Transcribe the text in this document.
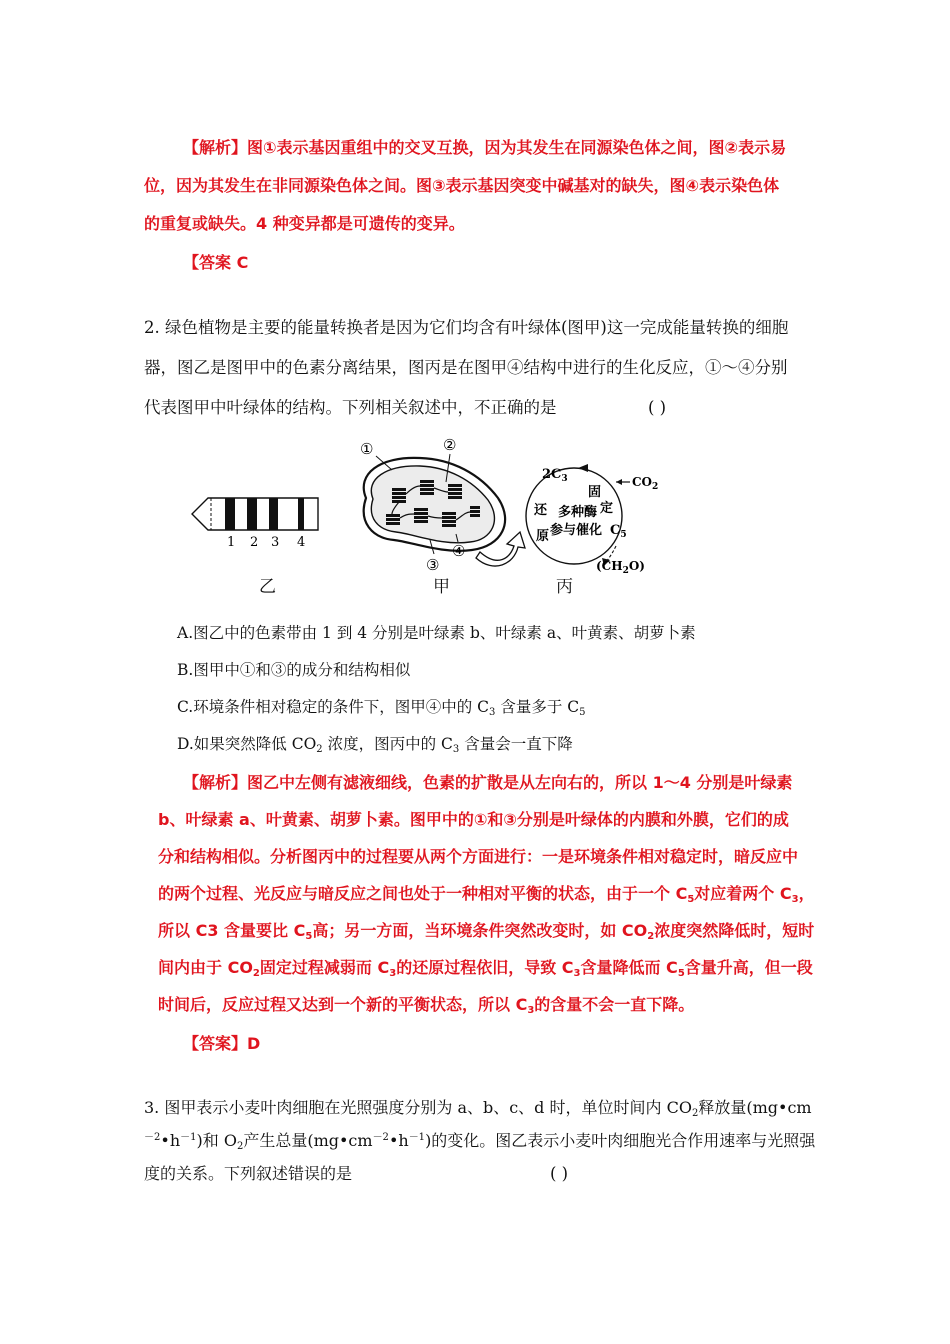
【解析】图①表示基因重组中的交叉互换，因为其发生在同源染色体之间，图②表示易
位，因为其发生在非同源染色体之间。图③表示基因突变中碱基对的缺失，图④表示染色体
的重复或缺失。4 种变异都是可遗传的变异。
【答案 C
2. 绿色植物是主要的能量转换者是因为它们均含有叶绿体(图甲)这一完成能量转换的细胞
器，图乙是图甲中的色素分离结果，图丙是在图甲④结构中进行的生化反应，①～④分别
代表图甲中叶绿体的结构。下列相关叙述中，不正确的是	( )
1 2 3 4
①	②
③
④
$2C_3$	$CO_2$
固
定
还
原
多种酶
参与催化 $C_5$
$(CH_2O)$
乙	甲	丙
A.图乙中的色素带由 1 到 4 分别是叶绿素 b、叶绿素 a、叶黄素、胡萝卜素
B.图甲中①和③的成分和结构相似
C.环境条件相对稳定的条件下，图甲④中的 $C_3$ 含量多于 $C_5$
D.如果突然降低 $CO_2$ 浓度，图丙中的 $C_3$ 含量会一直下降
【解析】图乙中左侧有滤液细线，色素的扩散是从左向右的，所以 1～4 分别是叶绿素
b、叶绿素 a、叶黄素、胡萝卜素。图甲中的①和③分别是叶绿体的内膜和外膜，它们的成
分和结构相似。分析图丙中的过程要从两个方面进行：一是环境条件相对稳定时，暗反应中
的两个过程、光反应与暗反应之间也处于一种相对平衡的状态，由于一个 $C_5$对应着两个 $C_3$，
所以 C3 含量要比 $C_5$高；另一方面，当环境条件突然改变时，如 $CO_2$浓度突然降低时，短时
间内由于 $CO_2$固定过程减弱而 $C_3$的还原过程依旧，导致 $C_3$含量降低而 $C_5$含量升高，但一段
时间后，反应过程又达到一个新的平衡状态，所以 $C_3$的含量不会一直下降。
【答案】D
3. 图甲表示小麦叶肉细胞在光照强度分别为 a、b、c、d 时，单位时间内 $CO_2$释放量(mg•cm
$^{-2}•h^{-1}$)和 $O_2$产生总量$(mg•cm^{-2}•h^{-1})$的变化。图乙表示小麦叶肉细胞光合作用速率与光照强
度的关系。下列叙述错误的是	( )
